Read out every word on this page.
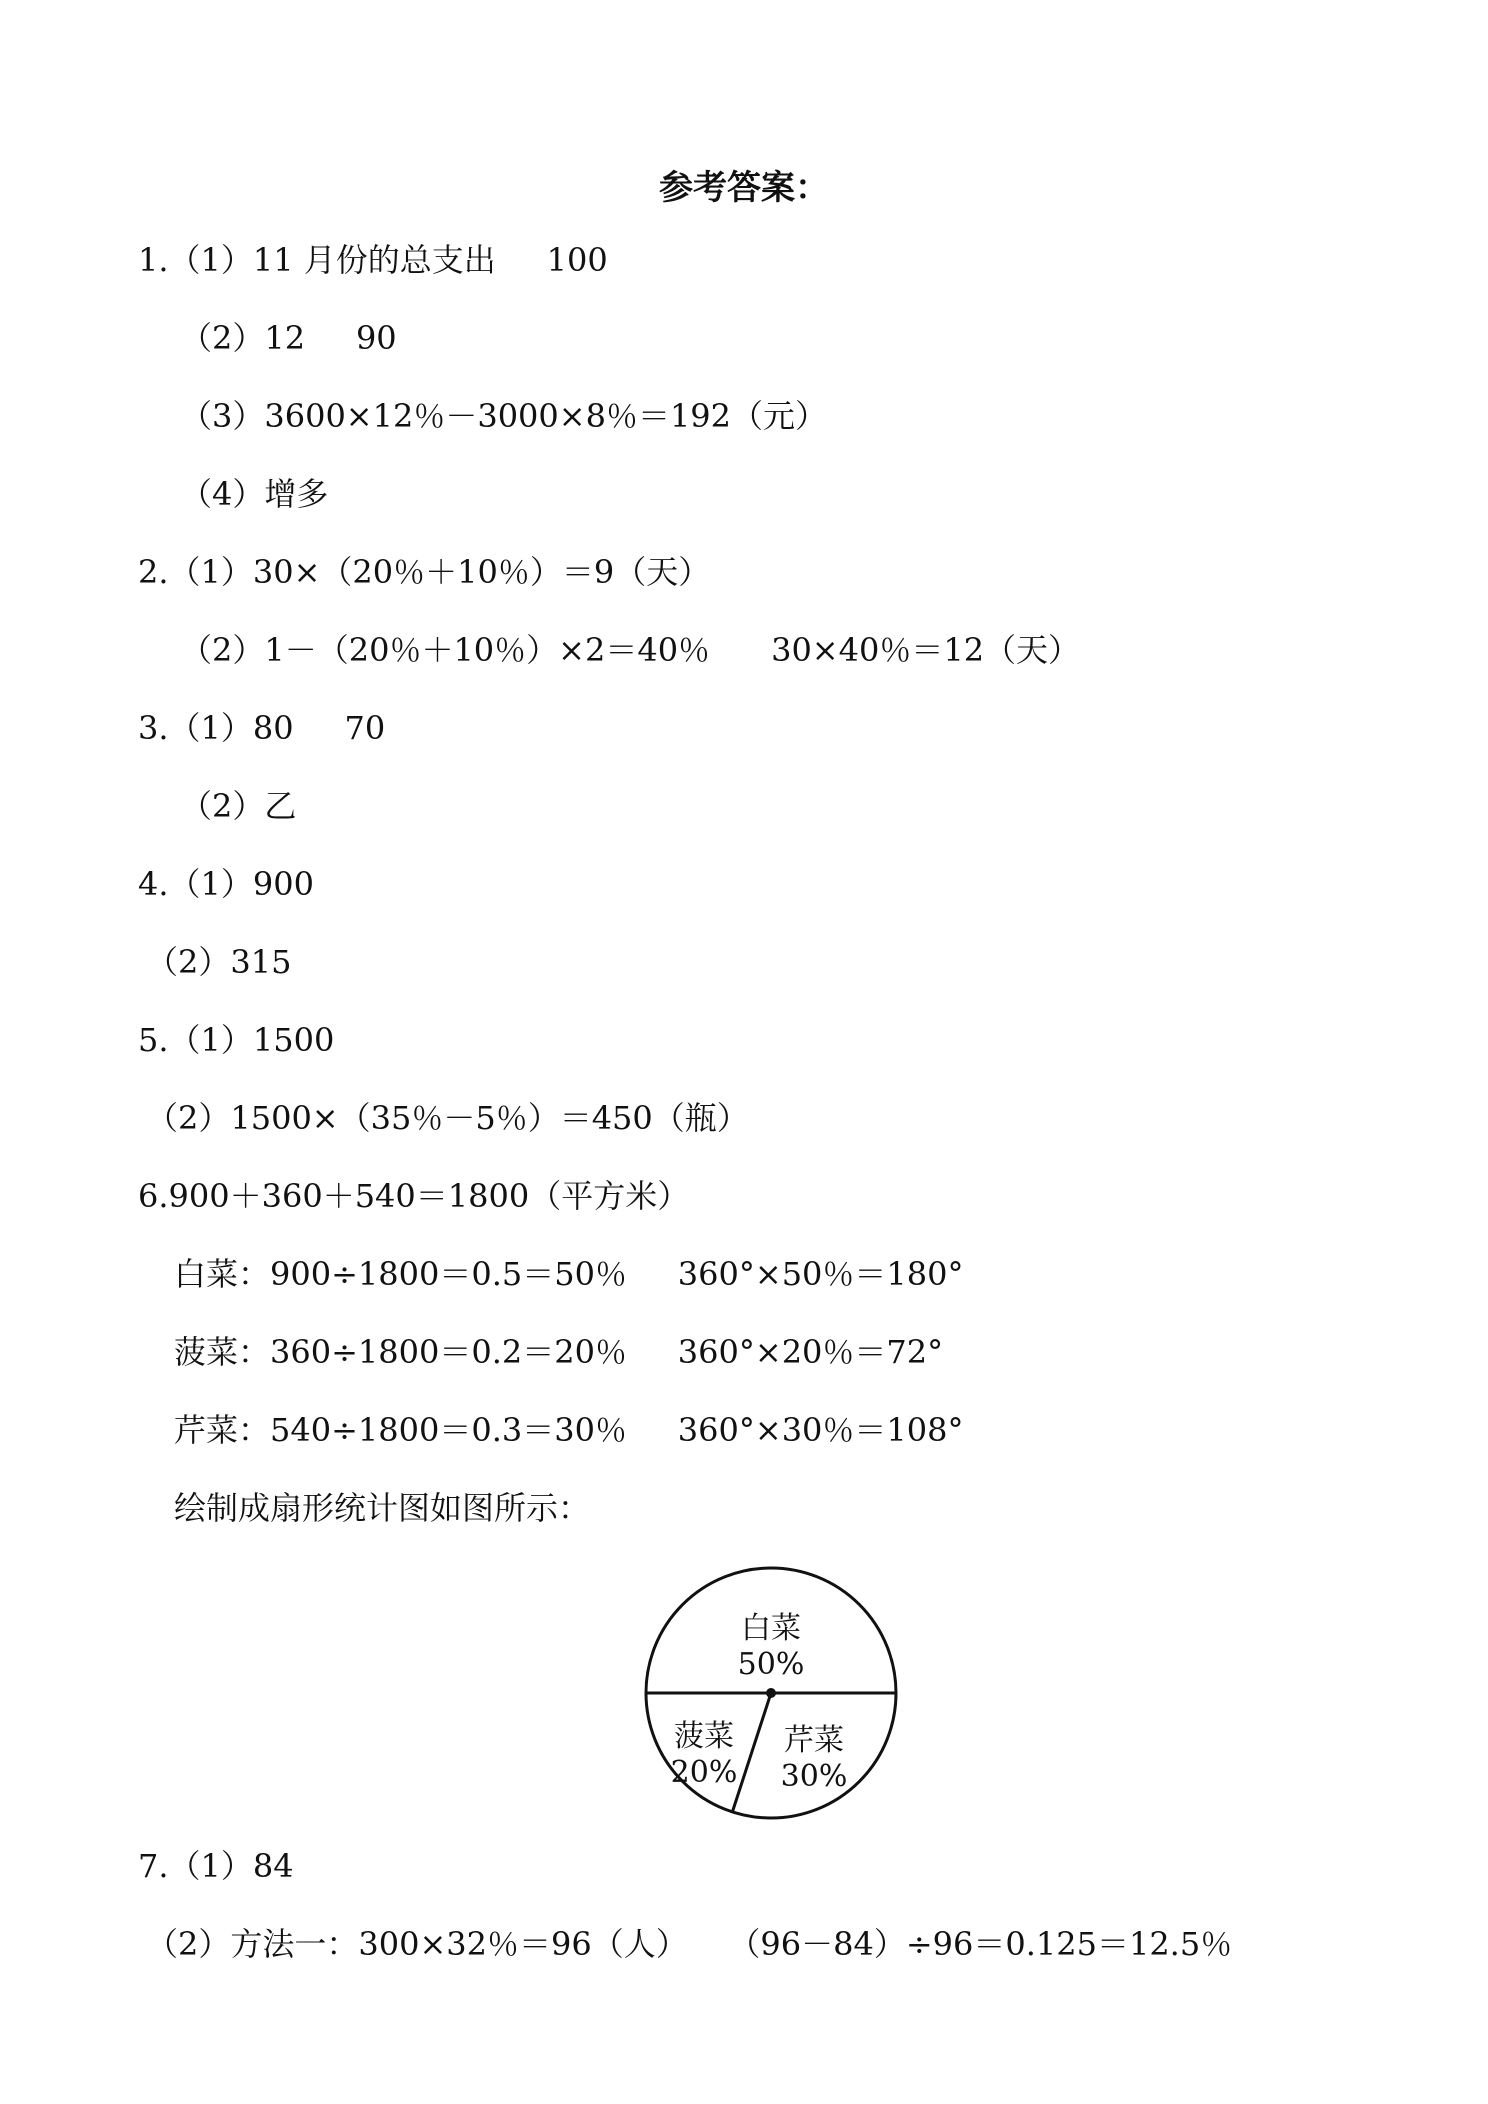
参考答案：
1.（1）11 月份的总支出     100
（2）12     90
（3）3600×12％－3000×8％＝192（元）
（4）增多
2.（1）30×（20％＋10％）＝9（天）
（2）1－（20％＋10％）×2＝40％      30×40％＝12（天）
3.（1）80     70
（2）乙
4.（1）900
（2）315
5.（1）1500
（2）1500×（35％－5％）＝450（瓶）
6.900＋360＋540＝1800（平方米）
白菜：900÷1800＝0.5＝50％     360°×50％＝180°
菠菜：360÷1800＝0.2＝20％     360°×20％＝72°
芹菜：540÷1800＝0.3＝30％     360°×30％＝108°
绘制成扇形统计图如图所示：
白菜
50%
菠菜
20%
芹菜
30%
7.（1）84
（2）方法一：300×32％＝96（人）    （96－84）÷96＝0.125＝12.5％
